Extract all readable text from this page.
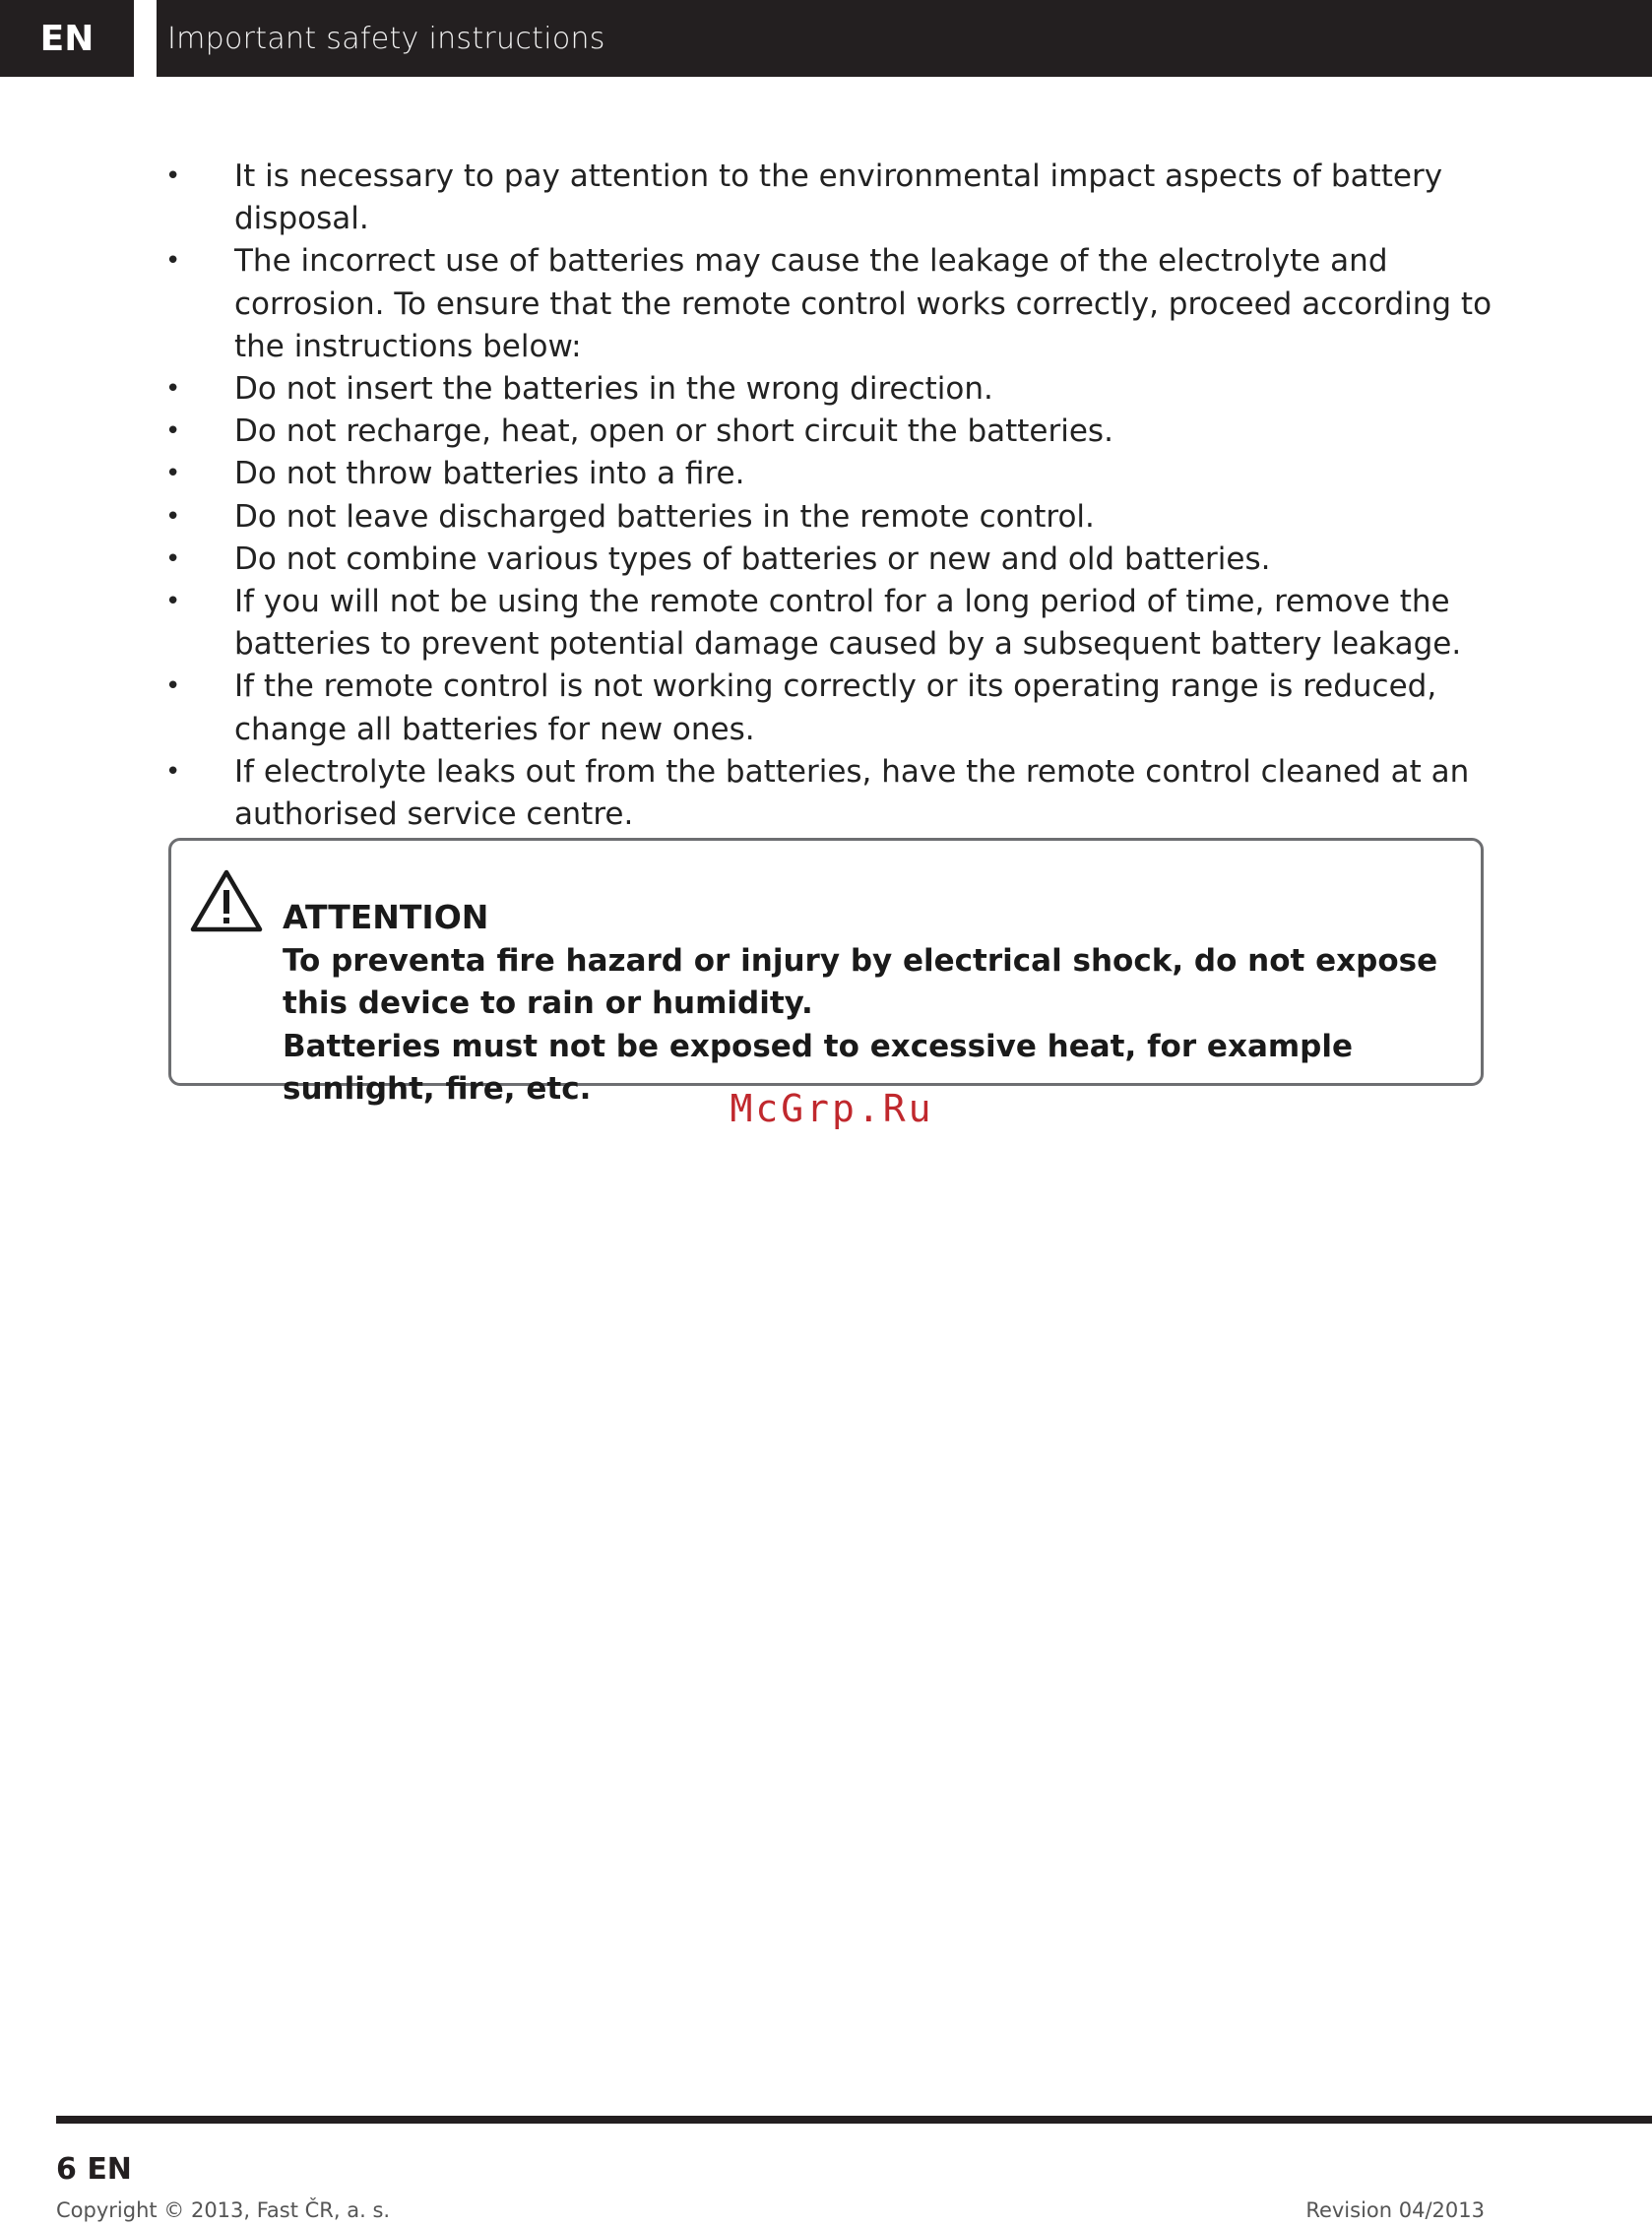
EN	Important safety instructions
• It is necessary to pay attention to the environmental impact aspects of battery disposal.
• The incorrect use of batteries may cause the leakage of the electrolyte and corrosion. To ensure that the remote control works correctly, proceed according to the instructions below:
• Do not insert the batteries in the wrong direction.
• Do not recharge, heat, open or short circuit the batteries.
• Do not throw batteries into a fire.
• Do not leave discharged batteries in the remote control.
• Do not combine various types of batteries or new and old batteries.
• If you will not be using the remote control for a long period of time, remove the batteries to prevent potential damage caused by a subsequent battery leakage.
• If the remote control is not working correctly or its operating range is reduced, change all batteries for new ones.
• If electrolyte leaks out from the batteries, have the remote control cleaned at an authorised service centre.
ATTENTION
To preventa fire hazard or injury by electrical shock, do not expose this device to rain or humidity.
Batteries must not be exposed to excessive heat, for example sunlight, fire, etc.	McGrp.Ru
6 EN
Copyright © 2013, Fast ČR, a. s.	Revision 04/2013
